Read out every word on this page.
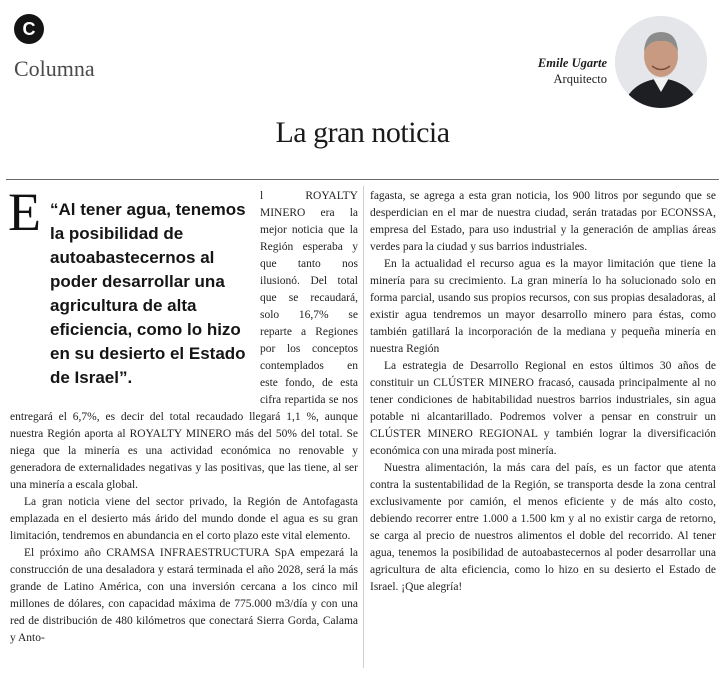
C
Columna	Emile Ugarte
Arquitecto
La gran noticia

E “Al tener agua, tenemos la posibilidad de autoabastecernos al poder desarrollar una agricultura de alta eficiencia, como lo hizo en su desierto el Estado de Israel”.
l ROYALTY MINERO era la mejor noticia que la Región esperaba y que tanto nos ilusionó. Del total que se recaudará, solo 16,7% se reparte a Regiones por los conceptos contemplados en este fondo, de esta cifra repartida se nos entregará el 6,7%, es decir del total recaudado llegará 1,1 %, aunque nuestra Región aporta al ROYALTY MINERO más del 50% del total. Se niega que la minería es una actividad económica no renovable y generadora de externalidades negativas y las positivas, que las tiene, al ser una minería a escala global.

La gran noticia viene del sector privado, la Región de Antofagasta emplazada en el desierto más árido del mundo donde el agua es su gran limitación, tendremos en abundancia en el corto plazo este vital elemento.

El próximo año CRAMSA INFRAESTRUCTURA SpA empezará la construcción de una desaladora y estará terminada el año 2028, será la más grande de Latino América, con una inversión cercana a los cinco mil millones de dólares, con capacidad máxima de 775.000 m3/día y con una red de distribución de 480 kilómetros que conectará Sierra Gorda, Calama y Anto-

fagasta, se agrega a esta gran noticia, los 900 litros por segundo que se desperdician en el mar de nuestra ciudad, serán tratadas por ECONSSA, empresa del Estado, para uso industrial y la generación de amplias áreas verdes para la ciudad y sus barrios industriales.

En la actualidad el recurso agua es la mayor limitación que tiene la minería para su crecimiento. La gran minería lo ha solucionado solo en forma parcial, usando sus propios recursos, con sus propias desaladoras, al existir agua tendremos un mayor desarrollo minero para éstas, como también gatillará la incorporación de la mediana y pequeña minería en nuestra Región

La estrategia de Desarrollo Regional en estos últimos 30 años de constituir un CLÚSTER MINERO fracasó, causada principalmente al no tener condiciones de habitabilidad nuestros barrios industriales, sin agua potable ni alcantarillado. Podremos volver a pensar en construir un CLÚSTER MINERO REGIONAL y también lograr la diversificación económica con una mirada post minería.

Nuestra alimentación, la más cara del país, es un factor que atenta contra la sustentabilidad de la Región, se transporta desde la zona central exclusivamente por camión, el menos eficiente y de más alto costo, debiendo recorrer entre 1.000 a 1.500 km y al no existir carga de retorno, se carga al precio de nuestros alimentos el doble del recorrido. Al tener agua, tenemos la posibilidad de autoabastecernos al poder desarrollar una agricultura de alta eficiencia, como lo hizo en su desierto el Estado de Israel. ¡Que alegría!
